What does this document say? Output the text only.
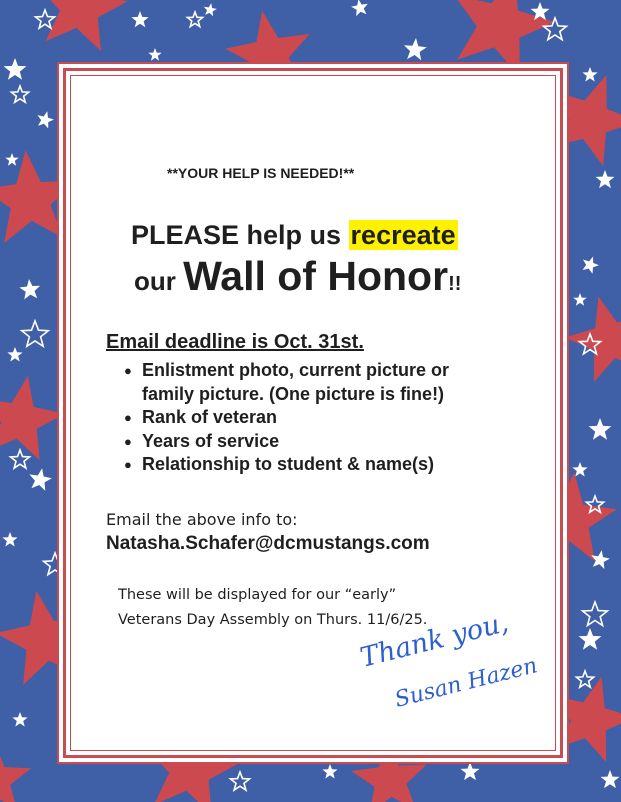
**YOUR HELP IS NEEDED!**
PLEASE help us recreate
our Wall of Honor!!
Email deadline is Oct. 31st.
● Enlistment photo, current picture or
family picture. (One picture is fine!)
● Rank of veteran
● Years of service
● Relationship to student & name(s)
Email the above info to:
Natasha.Schafer@dcmustangs.com
These will be displayed for our “early”
Veterans Day Assembly on Thurs. 11/6/25.
Thank you,
Susan Hazen
